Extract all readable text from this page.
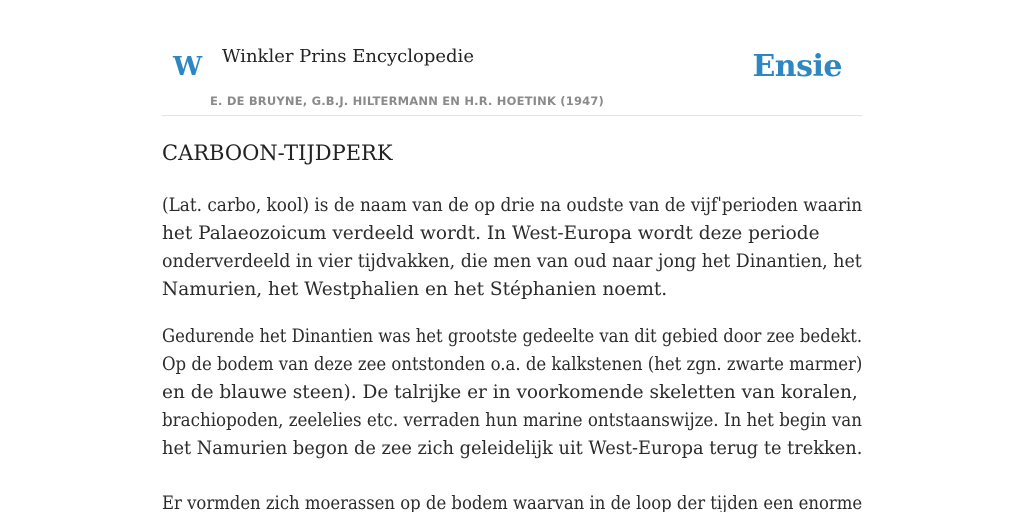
W Winkler Prins Encyclopedie
E. DE BRUYNE, G.B.J. HILTERMANN EN H.R. HOETINK (1947)
Ensie
CARBOON-TIJDPERK

(Lat. carbo, kool) is de naam van de op drie na oudste van de vijfˈperioden waarin
het Palaeozoicum verdeeld wordt. In West-Europa wordt deze periode
onderverdeeld in vier tijdvakken, die men van oud naar jong het Dinantien, het
Namurien, het Westphalien en het Stéphanien noemt.

Gedurende het Dinantien was het grootste gedeelte van dit gebied door zee bedekt.
Op de bodem van deze zee ontstonden o.a. de kalkstenen (het zgn. zwarte marmer)
en de blauwe steen). De talrijke er in voorkomende skeletten van koralen,
brachiopoden, zeelelies etc. verraden hun marine ontstaanswijze. In het begin van
het Namurien begon de zee zich geleidelijk uit West-Europa terug te trekken.

Er vormden zich moerassen op de bodem waarvan in de loop der tijden een enorme
